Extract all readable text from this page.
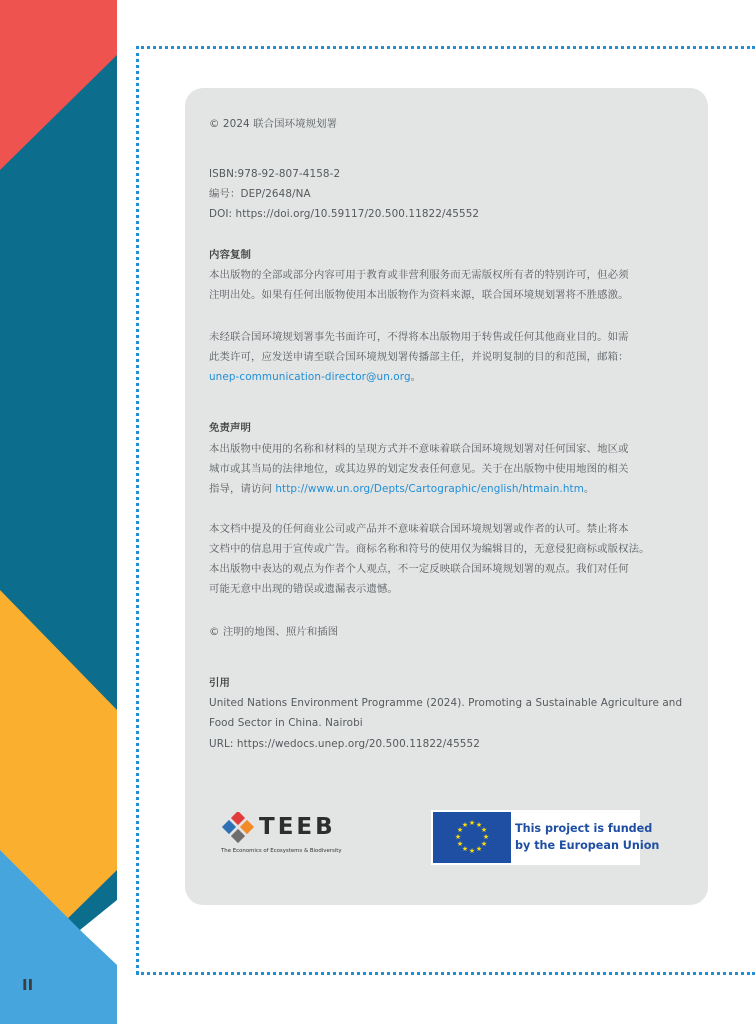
II
© 2024 联合国环境规划署
ISBN:978-92-807-4158-2
编号：DEP/2648/NA
DOI: https://doi.org/10.59117/20.500.11822/45552
内容复制
本出版物的全部或部分内容可用于教育或非营利服务而无需版权所有者的特别许可，但必须
注明出处。如果有任何出版物使用本出版物作为资料来源，联合国环境规划署将不胜感激。
未经联合国环境规划署事先书面许可，不得将本出版物用于转售或任何其他商业目的。如需
此类许可，应发送申请至联合国环境规划署传播部主任，并说明复制的目的和范围，邮箱：
unep-communication-director@un.org。
免责声明
本出版物中使用的名称和材料的呈现方式并不意味着联合国环境规划署对任何国家、地区或
城市或其当局的法律地位，或其边界的划定发表任何意见。关于在出版物中使用地图的相关
指导，请访问 http://www.un.org/Depts/Cartographic/english/htmain.htm。
本文档中提及的任何商业公司或产品并不意味着联合国环境规划署或作者的认可。禁止将本
文档中的信息用于宣传或广告。商标名称和符号的使用仅为编辑目的，无意侵犯商标或版权法。
本出版物中表达的观点为作者个人观点，不一定反映联合国环境规划署的观点。我们对任何
可能无意中出现的错误或遗漏表示遗憾。
© 注明的地图、照片和插图
引用
United Nations Environment Programme (2024). Promoting a Sustainable Agriculture and
Food Sector in China. Nairobi
URL: https://wedocs.unep.org/20.500.11822/45552
TEEB
The Economics of Ecosystems & Biodiversity
★ ★
★
★
★
★
★
★
★
★
★
★	This project is funded
by the European Union
